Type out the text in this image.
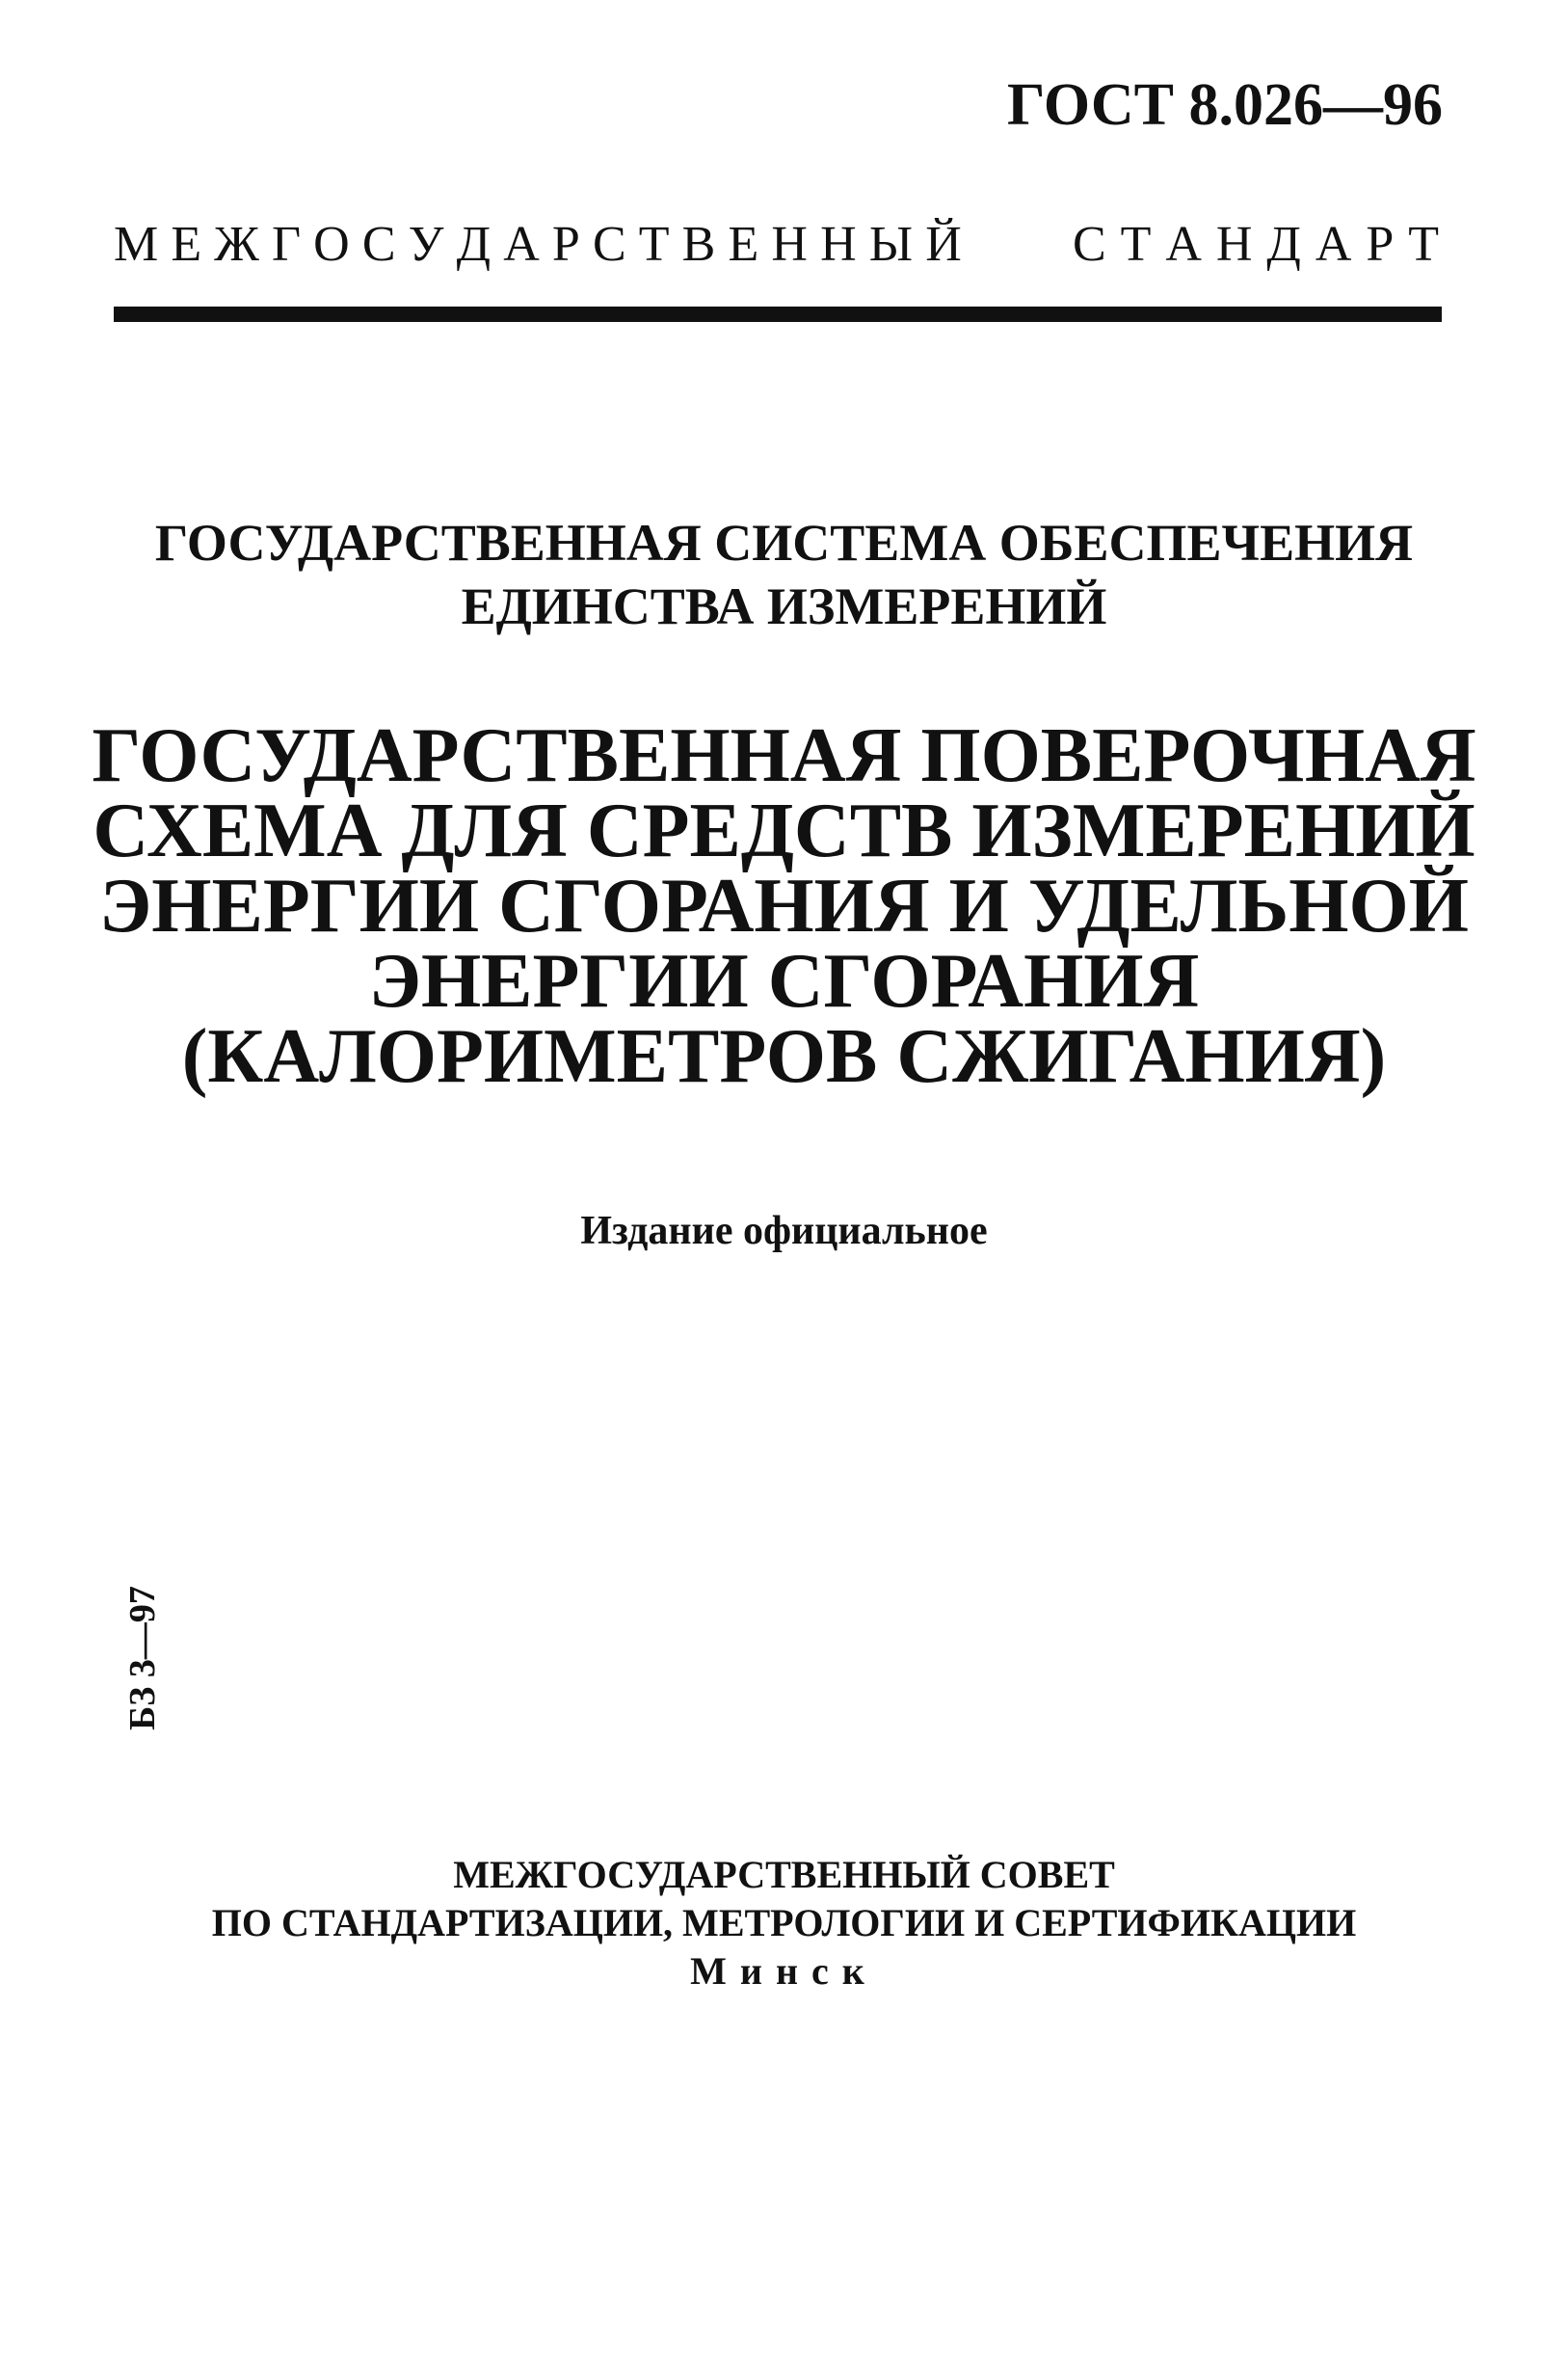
ГОСТ 8.026—96
М Е Ж Г О С У Д А Р С Т В Е Н Н Ы Й С Т А Н Д А Р Т
ГОСУДАРСТВЕННАЯ СИСТЕМА ОБЕСПЕЧЕНИЯ
ЕДИНСТВА ИЗМЕРЕНИЙ
ГОСУДАРСТВЕННАЯ ПОВЕРОЧНАЯ
СХЕМА ДЛЯ СРЕДСТВ ИЗМЕРЕНИЙ
ЭНЕРГИИ СГОРАНИЯ И УДЕЛЬНОЙ
ЭНЕРГИИ СГОРАНИЯ
(КАЛОРИМЕТРОВ СЖИГАНИЯ)
Издание официальное
БЗ 3—97
МЕЖГОСУДАРСТВЕННЫЙ СОВЕТ
ПО СТАНДАРТИЗАЦИИ, МЕТРОЛОГИИ И СЕРТИФИКАЦИИ
Минск
